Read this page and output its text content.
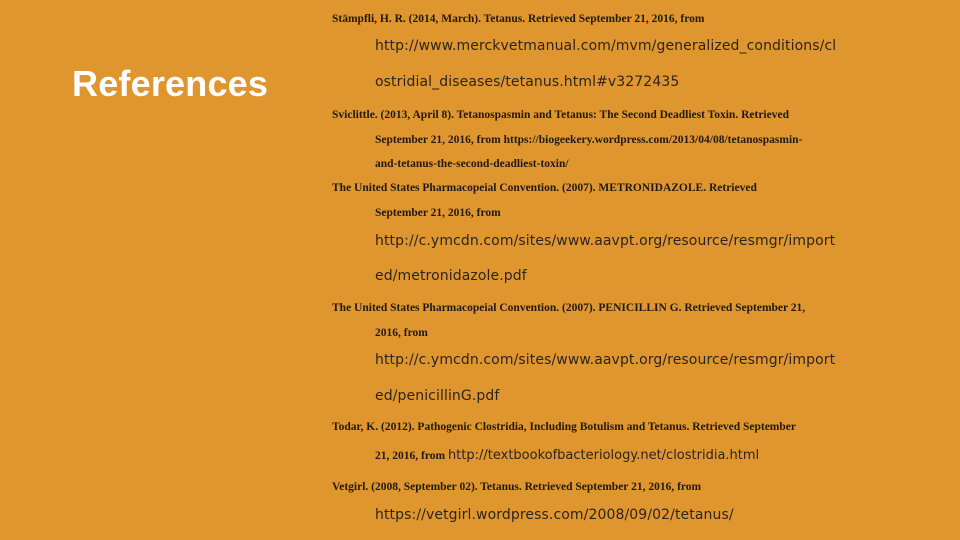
References
Stämpfli, H. R. (2014, March). Tetanus. Retrieved September 21, 2016, from
http://www.merckvetmanual.com/mvm/generalized_conditions/cl
ostridial_diseases/tetanus.html#v3272435
Sviclittle. (2013, April 8). Tetanospasmin and Tetanus: The Second Deadliest Toxin. Retrieved
September 21, 2016, from https://biogeekery.wordpress.com/2013/04/08/tetanospasmin-
and-tetanus-the-second-deadliest-toxin/
The United States Pharmacopeial Convention. (2007). METRONIDAZOLE. Retrieved
September 21, 2016, from
http://c.ymcdn.com/sites/www.aavpt.org/resource/resmgr/import
ed/metronidazole.pdf
The United States Pharmacopeial Convention. (2007). PENICILLIN G. Retrieved September 21,
2016, from
http://c.ymcdn.com/sites/www.aavpt.org/resource/resmgr/import
ed/penicillinG.pdf
Todar, K. (2012). Pathogenic Clostridia, Including Botulism and Tetanus. Retrieved September
21, 2016, from http://textbookofbacteriology.net/clostridia.html
Vetgirl. (2008, September 02). Tetanus. Retrieved September 21, 2016, from
https://vetgirl.wordpress.com/2008/09/02/tetanus/
